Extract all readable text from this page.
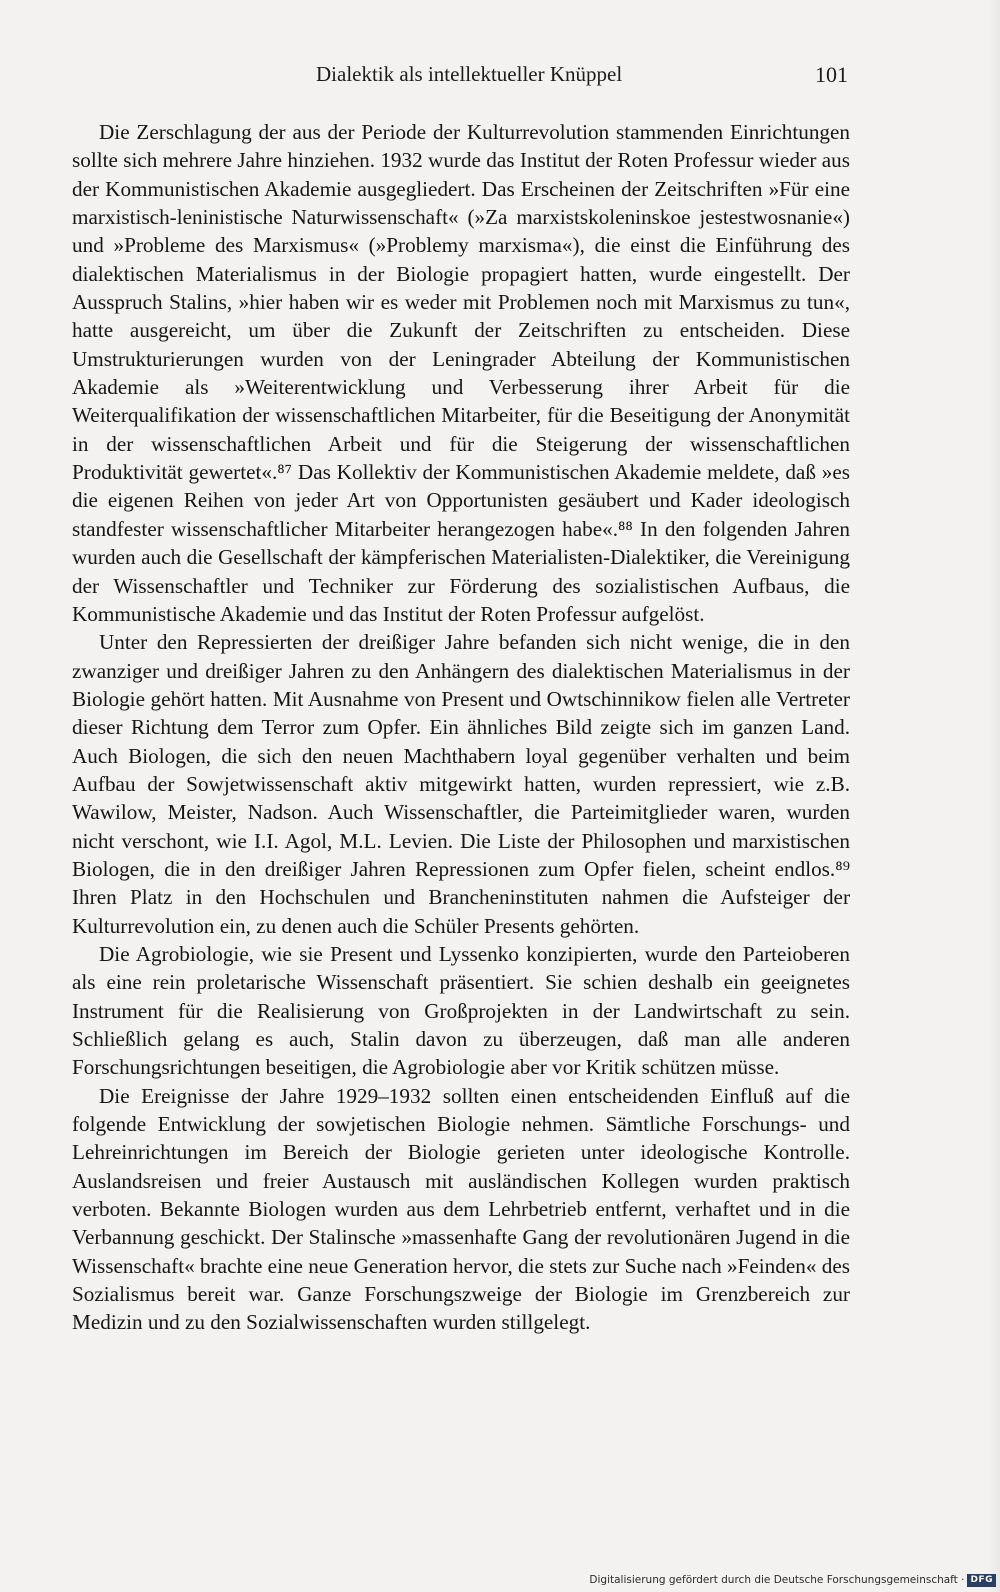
Dialektik als intellektueller Knüppel	101

Die Zerschlagung der aus der Periode der Kulturrevolution stammenden Einrichtungen sollte sich mehrere Jahre hinziehen. 1932 wurde das Institut der Roten Professur wieder aus der Kommunistischen Akademie ausgegliedert. Das Erscheinen der Zeitschriften »Für eine marxistisch-leninistische Naturwissenschaft« (»Za marxistskoleninskoe jestestwosnanie«) und »Probleme des Marxismus« (»Problemy marxisma«), die einst die Einführung des dialektischen Materialismus in der Biologie propagiert hatten, wurde eingestellt. Der Ausspruch Stalins, »hier haben wir es weder mit Problemen noch mit Marxismus zu tun«, hatte ausgereicht, um über die Zukunft der Zeitschriften zu entscheiden. Diese Umstrukturierungen wurden von der Leningrader Abteilung der Kommunistischen Akademie als »Weiterentwicklung und Verbesserung ihrer Arbeit für die Weiterqualifikation der wissenschaftlichen Mitarbeiter, für die Beseitigung der Anonymität in der wissenschaftlichen Arbeit und für die Steigerung der wissenschaftlichen Produktivität gewertet«.⁸⁷ Das Kollektiv der Kommunistischen Akademie meldete, daß »es die eigenen Reihen von jeder Art von Opportunisten gesäubert und Kader ideologisch standfester wissenschaftlicher Mitarbeiter herangezogen habe«.⁸⁸ In den folgenden Jahren wurden auch die Gesellschaft der kämpferischen Materialisten-Dialektiker, die Vereinigung der Wissenschaftler und Techniker zur Förderung des sozialistischen Aufbaus, die Kommunistische Akademie und das Institut der Roten Professur aufgelöst.

Unter den Repressierten der dreißiger Jahre befanden sich nicht wenige, die in den zwanziger und dreißiger Jahren zu den Anhängern des dialektischen Materialismus in der Biologie gehört hatten. Mit Ausnahme von Present und Owtschinnikow fielen alle Vertreter dieser Richtung dem Terror zum Opfer. Ein ähnliches Bild zeigte sich im ganzen Land. Auch Biologen, die sich den neuen Machthabern loyal gegenüber verhalten und beim Aufbau der Sowjetwissenschaft aktiv mitgewirkt hatten, wurden repressiert, wie z.B. Wawilow, Meister, Nadson. Auch Wissenschaftler, die Parteimitglieder waren, wurden nicht verschont, wie I.I. Agol, M.L. Levien. Die Liste der Philosophen und marxistischen Biologen, die in den dreißiger Jahren Repressionen zum Opfer fielen, scheint endlos.⁸⁹ Ihren Platz in den Hochschulen und Brancheninstituten nahmen die Aufsteiger der Kulturrevolution ein, zu denen auch die Schüler Presents gehörten.

Die Agrobiologie, wie sie Present und Lyssenko konzipierten, wurde den Parteioberen als eine rein proletarische Wissenschaft präsentiert. Sie schien deshalb ein geeignetes Instrument für die Realisierung von Großprojekten in der Landwirtschaft zu sein. Schließlich gelang es auch, Stalin davon zu überzeugen, daß man alle anderen Forschungsrichtungen beseitigen, die Agrobiologie aber vor Kritik schützen müsse.

Die Ereignisse der Jahre 1929–1932 sollten einen entscheidenden Einfluß auf die folgende Entwicklung der sowjetischen Biologie nehmen. Sämtliche Forschungs- und Lehreinrichtungen im Bereich der Biologie gerieten unter ideologische Kontrolle. Auslandsreisen und freier Austausch mit ausländischen Kollegen wurden praktisch verboten. Bekannte Biologen wurden aus dem Lehrbetrieb entfernt, verhaftet und in die Verbannung geschickt. Der Stalinsche »massenhafte Gang der revolutionären Jugend in die Wissenschaft« brachte eine neue Generation hervor, die stets zur Suche nach »Feinden« des Sozialismus bereit war. Ganze Forschungszweige der Biologie im Grenzbereich zur Medizin und zu den Sozialwissenschaften wurden stillgelegt.

Digitalisierung gefördert durch die Deutsche Forschungsgemeinschaft · DFG
